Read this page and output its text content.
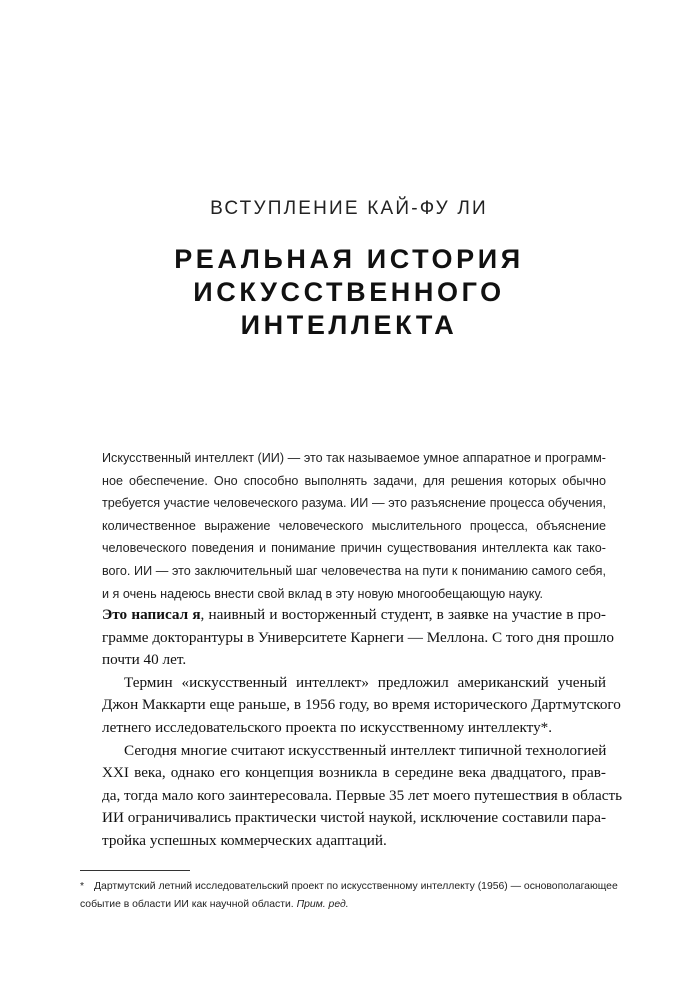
ВСТУПЛЕНИЕ КАЙ-ФУ ЛИ
РЕАЛЬНАЯ ИСТОРИЯ
ИСКУССТВЕННОГО
ИНТЕЛЛЕКТА
Искусственный интеллект (ИИ) — это так называемое умное аппаратное и программ-
ное обеспечение. Оно способно выполнять задачи, для решения которых обычно
требуется участие человеческого разума. ИИ — это разъяснение процесса обучения,
количественное выражение человеческого мыслительного процесса, объяснение
человеческого поведения и понимание причин существования интеллекта как тако-
вого. ИИ — это заключительный шаг человечества на пути к пониманию самого себя,
и я очень надеюсь внести свой вклад в эту новую многообещающую науку.
Это написал я, наивный и восторженный студент, в заявке на участие в про-
грамме докторантуры в Университете Карнеги — Меллона. С того дня прошло
почти 40 лет.
Термин «искусственный интеллект» предложил американский ученый
Джон Маккарти еще раньше, в 1956 году, во время исторического Дартмутского
летнего исследовательского проекта по искусственному интеллекту*.
Сегодня многие считают искусственный интеллект типичной технологией
XXI века, однако его концепция возникла в середине века двадцатого, прав-
да, тогда мало кого заинтересовала. Первые 35 лет моего путешествия в область
ИИ ограничивались практически чистой наукой, исключение составили пара-
тройка успешных коммерческих адаптаций.
* Дартмутский летний исследовательский проект по искусственному интеллекту (1956) — основополагающее
событие в области ИИ как научной области. Прим. ред.
